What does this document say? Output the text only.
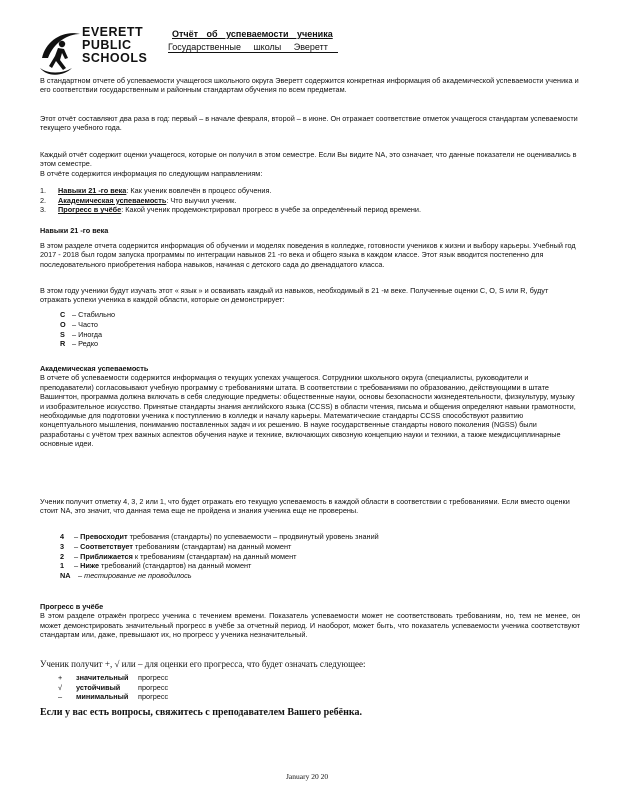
EVERETT
PUBLIC
SCHOOLS
Отчёт об успеваемости ученика
Государственные школы Эверетт

В стандартном отчете об успеваемости учащегося школьного округа Эверетт содержится конкретная информация об академической успеваемости ученика и его соответствии государственным и районным стандартам обучения по всем предметам.

Этот отчёт составляют два раза в год: первый – в начале февраля, второй – в июне. Он отражает соответствие отметок учащегося стандартам успеваемости текущего учебного года.

Каждый отчёт содержит оценки учащегося, которые он получил в этом семестре. Если Вы видите NA, это означает, что данные показатели не оценивались в этом семестре.

В отчёте содержится информация по следующим направлениям:

1. Навыки 21 -го века: Как ученик вовлечён в процесс обучения.
2. Академическая успеваемость: Что выучил ученик.
3. Прогресс в учёбе: Какой ученик продемонстрировал прогресс в учёбе за определённый период времени.

Навыки 21 -го века

В этом разделе отчета содержится информация об обучении и моделях поведения в колледже, готовности учеников к жизни и выбору карьеры. Учебный год 2017 - 2018 был годом запуска программы по интеграции навыков 21 -го века и общего языка в каждом классе. Этот язык вводится постепенно для последовательного приобретения набора навыков, начиная с детского сада до двенадцатого класса.

В этом году ученики будут изучать этот « язык » и осваивать каждый из навыков, необходимый в 21 -м веке. Полученные оценки С, О, S или R, будут отражать успехи ученика в каждой области, которые он демонстрирует:

С – Стабильно
O – Часто
S – Иногда
R – Редко

Академическая успеваемость

В отчете об успеваемости содержится информация о текущих успехах учащегося. Сотрудники школьного округа (специалисты, руководители и преподаватели) согласовывают учебную программу с требованиями штата. В соответствии с требованиями по образованию, действующими в штате Вашингтон, программа должна включать в себя следующие предметы: общественные науки, основы безопасности жизнедеятельности, физкультуру, музыку и изобразительное искусство. Принятые стандарты знания английского языка (CCSS) в области чтения, письма и общения определяют навыки грамотности, необходимые для подготовки ученика к поступлению в колледж и началу карьеры. Математические стандарты CCSS способствуют развитию концептуального мышления, пониманию поставленных задач и их решению. В науке государственные стандарты нового поколения (NGSS) были разработаны с учётом трех важных аспектов обучения науке и технике, включающих сквозную концепцию науки и техники, а также междисциплинарные основные идеи.

Ученик получит отметку 4, 3, 2 или 1, что будет отражать его текущую успеваемость в каждой области в соответствии с требованиями. Если вместо оценки стоит NA, это значит, что данная тема еще не пройдена и знания ученика еще не проверены.

4 – Превосходит требования (стандарты) по успеваемости – продвинутый уровень знаний
3 – Соответствует требованиям (стандартам) на данный момент
2 – Приближается к требованиям (стандартам) на данный момент
1 – Ниже требований (стандартов) на данный момент
NA – тестирование не проводилось

Прогресс в учёбе

В этом разделе отражён прогресс ученика с течением времени. Показатель успеваемости может не соответствовать требованиям, но, тем не менее, он может демонстрировать значительный прогресс в учёбе за отчетный период. И наоборот, может быть, что показатель успеваемости ученика соответствуют стандартам или, даже, превышают их, но прогресс у ученика незначительный.

Ученик получит +, √ или – для оценки его прогресса, что будет означать следующее:

+ значительный прогресс
√ устойчивый прогресс
– минимальный прогресс

Если у вас есть вопросы, свяжитесь с преподавателем Вашего ребёнка.

January 20 20
